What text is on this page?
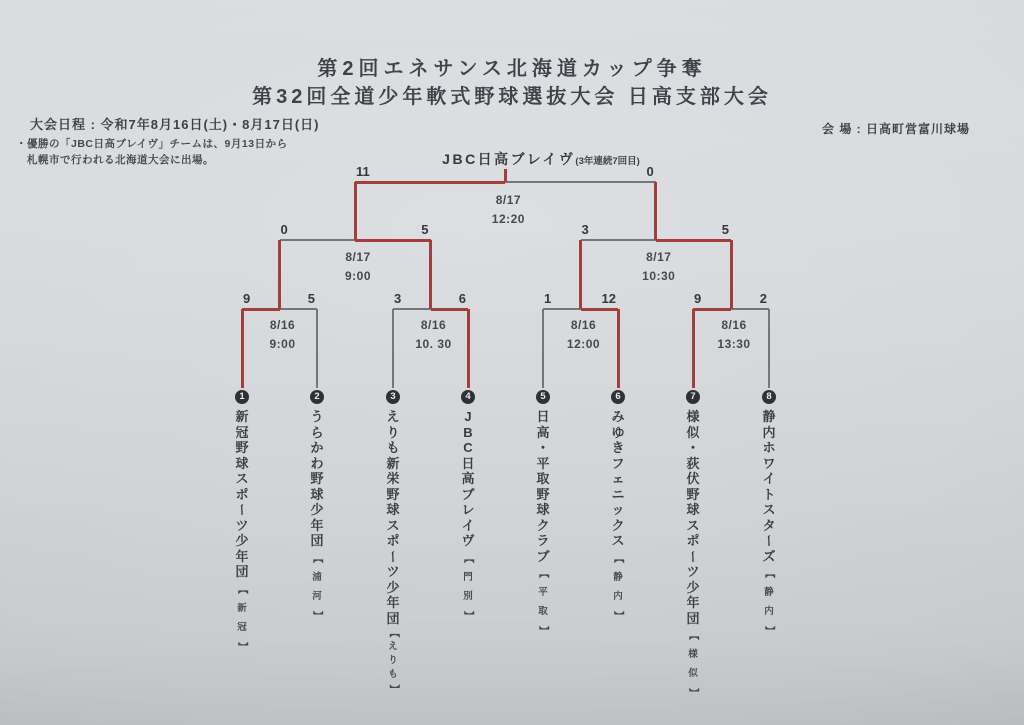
第2回エネサンス北海道カップ争奪
第32回全道少年軟式野球選抜大会 日高支部大会
大会日程 : 令和7年8月16日(土)・8月17日(日)
・優勝の「JBC日高ブレイヴ」チームは、9月13日から
札幌市で行われる北海道大会に出場。
会 場 : 日高町営富川球場
JBC日高ブレイヴ (3年連続7回目)
9	5
8/16
9:00
3	6
8/16
10. 30
1	12
8/16
12:00
9	2
8/16
13:30
0	5
8/17
9:00
3	5
8/17
10:30
11	0
8/17
12:20
1
新
冠
野
球
ス
ポ
ー
ツ
少
年
団
【
新
冠
】
2
う
ら
か
わ
野
球
少
年
団
【
浦
河
】
3
え
り
も
新
栄
野
球
ス
ポ
ー
ツ
少
年
団
【
え
り
も
】
4
J
B
C
日
高
ブ
レ
イ
ヴ
【
門
別
】
5
日
高
・
平
取
野
球
ク
ラ
ブ
【
平
取
】
6
み
ゆ
き
フ
ェ
ニ
ッ
ク
ス
【
静
内
】
7
様
似
・
荻
伏
野
球
ス
ポ
ー
ツ
少
年
団
【
様
似
】
8
静
内
ホ
ワ
イ
ト
ス
タ
ー
ズ
【
静
内
】
